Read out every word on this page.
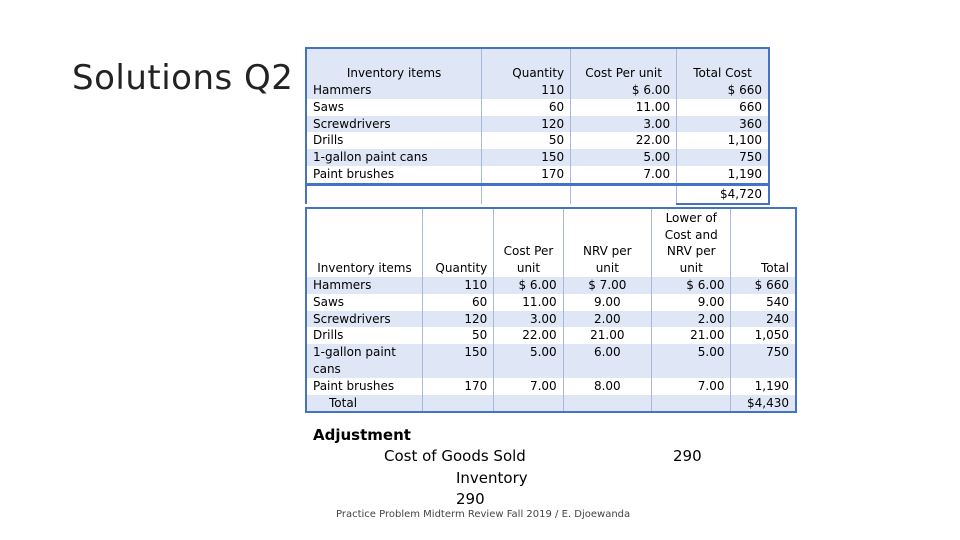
Solutions Q2	Inventory items	Quantity	Cost Per unit	Total Cost
Hammers	110	$ 6.00	$ 660
Saws	60	11.00	660
Screwdrivers	120	3.00	360
Drills	50	22.00	1,100
1-gallon paint cans	150	5.00	750
Paint brushes	170	7.00	1,190
			$4,720
Inventory items	Quantity	Cost Per unit	NRV per unit	Lower of Cost and NRV per unit	Total
Hammers	110	$ 6.00	$ 7.00	$ 6.00	$ 660
Saws	60	11.00	9.00	9.00	540
Screwdrivers	120	3.00	2.00	2.00	240
Drills	50	22.00	21.00	21.00	1,050
1-gallon paint cans	150	5.00	6.00	5.00	750
Paint brushes	170	7.00	8.00	7.00	1,190
Total					$4,430
Adjustment
Cost of Goods Sold	290
Inventory
290
Practice Problem Midterm Review Fall 2019 / E. Djoewanda
